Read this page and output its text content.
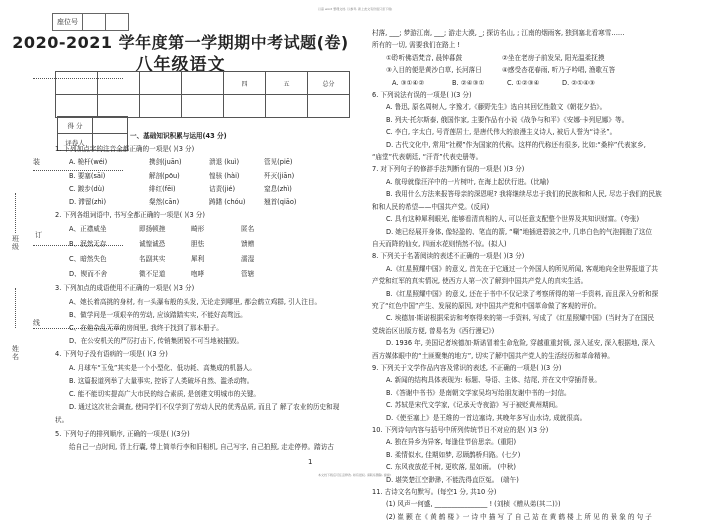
以高 word 整理文档, 以参考, 新上此文有价值只需下载)
座位号
2020-2021 学年度第一学期期中考试题(卷)
八年级语文
				四	五	总分

得 分	
评卷人	
装
订
线
班级
姓名
一、基础知识积累与运用(43 分)
1. 下列加点字的注音全都正确的一项是( )(3 分)
A. 桅杆(wéi)	携剑(juān)	溃退 (kuì)	管见(piē)
B. 要塞(sāi)	解剖(pōu)	惶骇 (hài)	歼灭(jiān)
C. 踱步(dù)	绯红(fēi)	诘责(jié)	窒息(zhì)
D. 滞留(zhì)	粲然(cān)	踌躇 (chóu)	翘首(qiāo)
2. 下列各组词语中, 书写全都正确的一项是( )(3 分)
A、正襟威坐	即扬顿挫	畸形	匿名
B、泯然无存	诚惶诚恐	胆怯	馈赠
C、暗然失色	名副其实	犀利	濡湿
D、锲而不舍	微不足道	咆哮	管辖
3. 下列加点的成语使用不正确的一项是( )(3 分)
A、她长着高挑的身材, 有一头瀑布般的头发, 无论走到哪里, 都会鹤立鸡群, 引人注目。
B、做学问是一项艰辛的劳动, 应该踏踏实实, 不能好高骛远。
C、在他杂乱无章的房间里, 我终于找到了那本册子。
D、在公安机关的严厉打击下, 传销集团锐不可当地被摧毁。
4. 下列句子没有语病的一项是( )(3 分)
A. 月球车“玉兔”其实是一个小型化、低功耗、高集成的机器人。
B. 这篇报道列举了大量事实, 控诉了人类破坏自然、滥杀动物。
C. 能不能切实提高广大市民的综合素质, 是创建文明城市的关键。
D. 通过这次社会调查, 使同学们不仅学到了劳动人民的优秀品质, 而且了 解了农业的历史和现
状。
5. 下列句子的排列顺序, 正确的一项是( )(3分)
给自己一点时间, 背上行囊, 带上简单行李和旧相机, 自己写字, 自己拍照, 走走停停。踏访古
村落, ___; 梦游江南, ___; 游走大漠, _; 探访名山, ; 江南的烟雨客, 独到塞北看寒雪……
所有的一切, 需要我们在路上 !
①聆听佛语梵音, 晨钟暮鼓	②坐在老房子前发呆, 阳光温柔抚摸
③入目的便是黄沙白草, 长河落日	④感受杏花春雨, 听乃子吟唱, 渔歌互答
A. ③①④②	B. ②④③①	C. ①②③④	D. ②①④③
6. 下列说法有误的一项是( )(3 分)
A. 鲁迅, 原名周树人, 字豫才,《藤野先生》选自其回忆性散文《朝花夕拾》。
B. 列夫·托尔斯泰, 俄国作家, 主要作品有小说《战争与和平》《安娜·卡列尼娜》等。
C. 李白, 字太白, 号青莲居士, 是唐代伟大的浪漫主义诗人, 被后人誉为“诗圣”。
D. 古代文化中, 常用“社稷”作为国家的代称。这样的代称还有很多, 比如:“桑梓”代表家乡,
“庙堂”代表朝廷, “汗青”代表史册等。
7. 对下列句子的修辞手法判断有误的一项是( )(3 分)
A. 航母就像汪洋中的一片树叶, 在海上起伏行进。(比喻)
B. 我用什么方法来报答母亲的深恩呢? 我将继续尽忠于我们的民族和和人民, 尽忠于我们的民族
和和人民的希望——中国共产党。(反问)
C. 具有这种犀利眼光, 能够看清真相的人, 可以任意支配整个世界及其知识财富。(夸张)
D. 她已经展开身体, 像轻盈的、笔直的箭, “唰”地插进碧波之中, 几串白色的气泡拥抱了这位
自天而降的仙女, 四面水花则悄然不惊。(拟人)
8. 下列关于名著阅读的表述不正确的一项是( )(3 分)
A.《红星照耀中国》的意义, 首先在于它通过一个外国人的所见所闻, 客观地向全世界报道了共
产党和红军的真实情况, 使西方人第一次了解到中国共产党人的真实生活。
B.《红星照耀中国》的意义, 还在于书中不仅记录了考察所得的第一手资料, 而且深入分析和探
究了“红色中国”产生、发展的原因, 对中国共产党和中国革命做了客观的评价。
C. 埃德加·斯诺根据采访和考察得来的第一手资料, 写成了《红星照耀中国》(当时为了在国民
党统治区出版方便, 曾易名为《西行漫记》)
D. 1936 年, 美国记者埃德加·斯诺冒着生命危险, 穿越重重封锁, 深入延安, 深入根据地, 深入
西方媒体眼中的“土匪聚集的地方”, 切实了解中国共产党人的生活经历和革命精神。
9. 下列关于文学作品内容及常识的表述, 不正确的一项是( )(3 分)
A. 新闻的结构具体表现为: 标题、导语、主体、结尾, 并在文中穿插背景。
B.《答谢中书书》是南朝文学家吴均写给朋友谢中书的一封信。
C. 苏轼是宋代文学家,《记承天寺夜游》写于被贬黄州期间。
D.《使至塞上》是王维的一首边塞诗, 其晚年多写山水诗, 成就很高。
10. 下列诗句内容与括号中所列传统节日不对应的是( )(3 分)
A. 独在异乡为异客, 每逢佳节倍思亲。(重阳)
B. 柔情似水, 佳期如梦, 忍顾鹊桥归路。(七夕)
C. 东风夜放花千树, 更吹落, 星如雨。 (中秋)
D. 堪笑楚江空渺渺, 不能洗得直臣冤。 (端午)
11. 古诗文名句默写。(每空1 分, 共10 分)
(1) 风声一何盛, ________________ ! (刘桢《赠从弟(其二)》)
(2) 崔 颢 在《 黄 鹤 楼 》一 诗 中 描 写 了 自 己 站 在 黄 鹤 楼 上 所 见 的 景 象 的 句 子
1
本文档下载后可任意修改, 如有侵权, 请联系删除, 谢谢!
